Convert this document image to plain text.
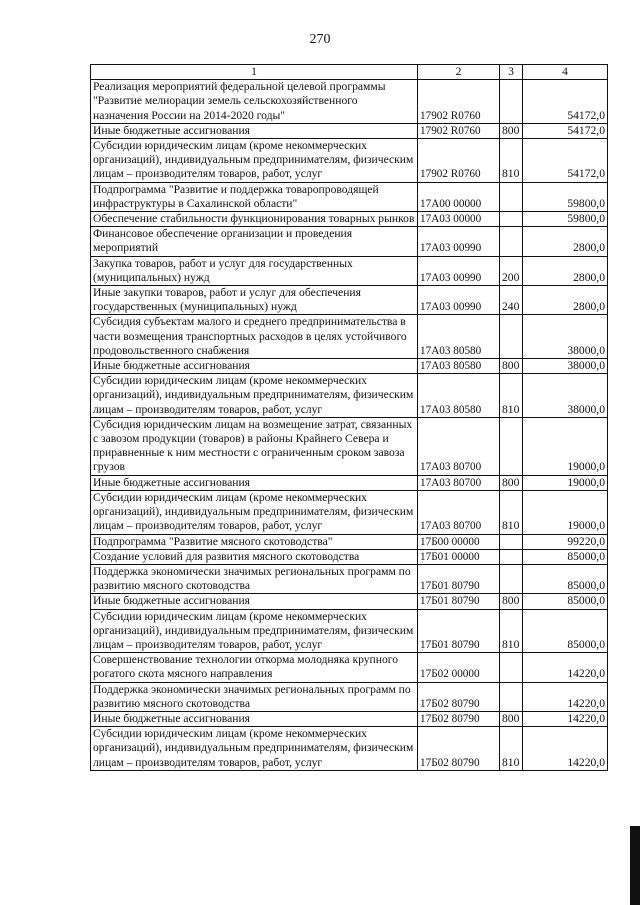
270
1	2	3	4
Реализация мероприятий федеральной целевой программы "Развитие мелиорации земель сельскохозяйственного назначения России на 2014-2020 годы"	17902 R0760		54172,0
Иные бюджетные ассигнования	17902 R0760	800	54172,0
Субсидии юридическим лицам (кроме некоммерческих организаций), индивидуальным предпринимателям, физическим лицам – производителям товаров, работ, услуг	17902 R0760	810	54172,0
Подпрограмма "Развитие и поддержка товаропроводящей инфраструктуры в Сахалинской области"	17А00 00000		59800,0
Обеспечение стабильности функционирования товарных рынков	17А03 00000		59800,0
Финансовое обеспечение организации и проведения мероприятий	17А03 00990		2800,0
Закупка товаров, работ и услуг для государственных (муниципальных) нужд	17А03 00990	200	2800,0
Иные закупки товаров, работ и услуг для обеспечения государственных (муниципальных) нужд	17А03 00990	240	2800,0
Субсидия субъектам малого и среднего предпринимательства в части возмещения транспортных расходов в целях устойчивого продовольственного снабжения	17А03 80580		38000,0
Иные бюджетные ассигнования	17А03 80580	800	38000,0
Субсидии юридическим лицам (кроме некоммерческих организаций), индивидуальным предпринимателям, физическим лицам – производителям товаров, работ, услуг	17А03 80580	810	38000,0
Субсидия юридическим лицам на возмещение затрат, связанных с завозом продукции (товаров) в районы Крайнего Севера и приравненные к ним местности с ограниченным сроком завоза грузов	17А03 80700		19000,0
Иные бюджетные ассигнования	17А03 80700	800	19000,0
Субсидии юридическим лицам (кроме некоммерческих организаций), индивидуальным предпринимателям, физическим лицам – производителям товаров, работ, услуг	17А03 80700	810	19000,0
Подпрограмма "Развитие мясного скотоводства"	17Б00 00000		99220,0
Создание условий для развития мясного скотоводства	17Б01 00000		85000,0
Поддержка экономически значимых региональных программ по развитию мясного скотоводства	17Б01 80790		85000,0
Иные бюджетные ассигнования	17Б01 80790	800	85000,0
Субсидии юридическим лицам (кроме некоммерческих организаций), индивидуальным предпринимателям, физическим лицам – производителям товаров, работ, услуг	17Б01 80790	810	85000,0
Совершенствование технологии откорма молодняка крупного рогатого скота мясного направления	17Б02 00000		14220,0
Поддержка экономически значимых региональных программ по развитию мясного скотоводства	17Б02 80790		14220,0
Иные бюджетные ассигнования	17Б02 80790	800	14220,0
Субсидии юридическим лицам (кроме некоммерческих организаций), индивидуальным предпринимателям, физическим лицам – производителям товаров, работ, услуг	17Б02 80790	810	14220,0
